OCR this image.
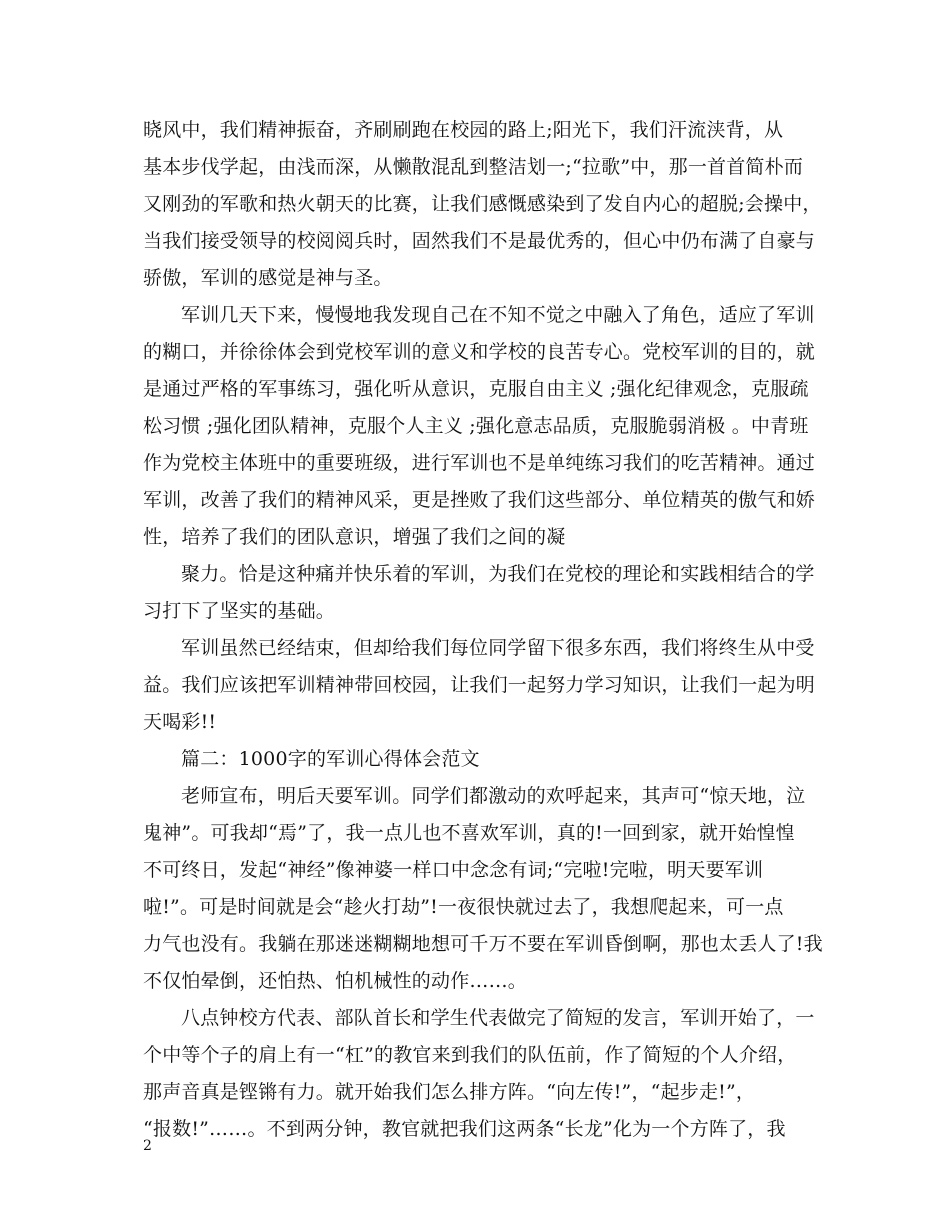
晓风中，我们精神振奋，齐刷刷跑在校园的路上;阳光下，我们汗流浃背，从
基本步伐学起，由浅而深，从懒散混乱到整洁划一;“拉歌”中，那一首首简朴而
又刚劲的军歌和热火朝天的比赛，让我们感慨感染到了发自内心的超脱;会操中，
当我们接受领导的校阅阅兵时，固然我们不是最优秀的，但心中仍布满了自豪与
骄傲，军训的感觉是神与圣。
军训几天下来，慢慢地我发现自己在不知不觉之中融入了角色，适应了军训
的糊口，并徐徐体会到党校军训的意义和学校的良苦专心。党校军训的目的，就
是通过严格的军事练习，强化听从意识，克服自由主义 ;强化纪律观念，克服疏
松习惯 ;强化团队精神，克服个人主义 ;强化意志品质，克服脆弱消极 。中青班
作为党校主体班中的重要班级，进行军训也不是单纯练习我们的吃苦精神。通过
军训，改善了我们的精神风采，更是挫败了我们这些部分、单位精英的傲气和娇
性，培养了我们的团队意识，增强了我们之间的凝
聚力。恰是这种痛并快乐着的军训，为我们在党校的理论和实践相结合的学
习打下了坚实的基础。
军训虽然已经结束，但却给我们每位同学留下很多东西，我们将终生从中受
益。我们应该把军训精神带回校园，让我们一起努力学习知识，让我们一起为明
天喝彩!!
篇二：1000字的军训心得体会范文
老师宣布，明后天要军训。同学们都激动的欢呼起来，其声可“惊天地，泣
鬼神”。可我却“焉”了，我一点儿也不喜欢军训，真的!一回到家，就开始惶惶
不可终日，发起“神经”像神婆一样口中念念有词;“完啦!完啦，明天要军训
啦!”。可是时间就是会“趁火打劫”!一夜很快就过去了，我想爬起来，可一点
力气也没有。我躺在那迷迷糊糊地想可千万不要在军训昏倒啊，那也太丢人了!我
不仅怕晕倒，还怕热、怕机械性的动作……。
八点钟校方代表、部队首长和学生代表做完了简短的发言，军训开始了，一
个中等个子的肩上有一“杠”的教官来到我们的队伍前，作了简短的个人介绍，
那声音真是铿锵有力。就开始我们怎么排方阵。“向左传!”，“起步走!”，
“报数!”……。不到两分钟，教官就把我们这两条“长龙”化为一个方阵了，我
2
